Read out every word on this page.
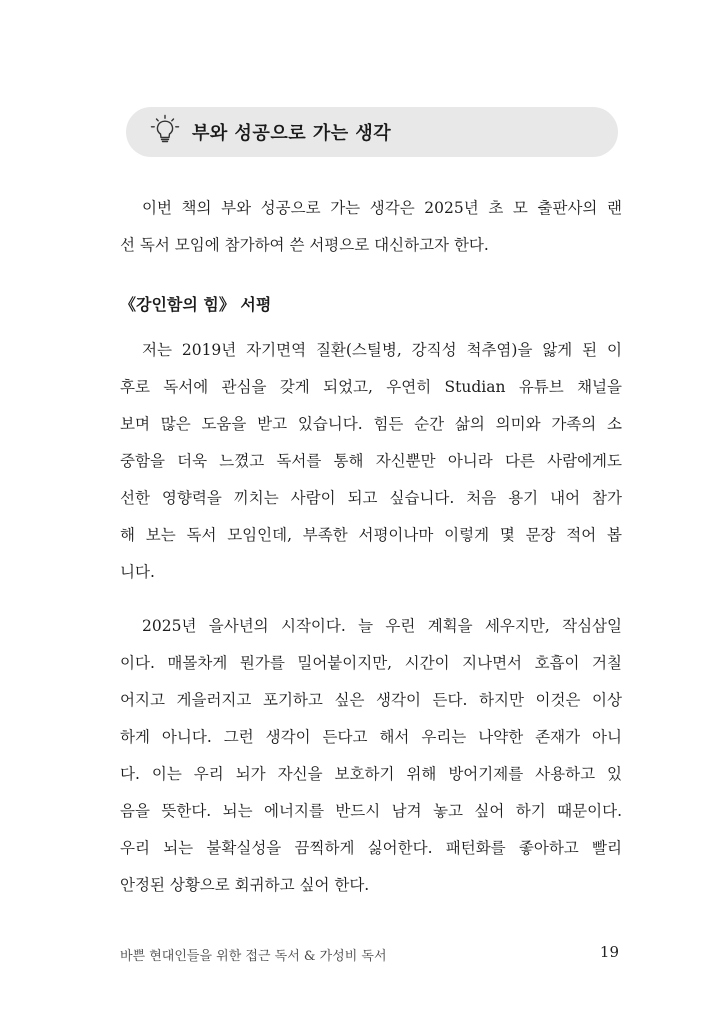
부와 성공으로 가는 생각

이번 책의 부와 성공으로 가는 생각은 2025년 초 모 출판사의 랜
선 독서 모임에 참가하여 쓴 서평으로 대신하고자 한다.

《강인함의 힘》 서평

저는 2019년 자기면역 질환(스틸병, 강직성 척추염)을 앓게 된 이
후로 독서에 관심을 갖게 되었고, 우연히 Studian 유튜브 채널을
보며 많은 도움을 받고 있습니다. 힘든 순간 삶의 의미와 가족의 소
중함을 더욱 느꼈고 독서를 통해 자신뿐만 아니라 다른 사람에게도
선한 영향력을 끼치는 사람이 되고 싶습니다. 처음 용기 내어 참가
해 보는 독서 모임인데, 부족한 서평이나마 이렇게 몇 문장 적어 봅
니다.

2025년 을사년의 시작이다. 늘 우린 계획을 세우지만, 작심삼일
이다. 매몰차게 뭔가를 밀어붙이지만, 시간이 지나면서 호흡이 거칠
어지고 게을러지고 포기하고 싶은 생각이 든다. 하지만 이것은 이상
하게 아니다. 그런 생각이 든다고 해서 우리는 나약한 존재가 아니
다. 이는 우리 뇌가 자신을 보호하기 위해 방어기제를 사용하고 있
음을 뜻한다. 뇌는 에너지를 반드시 남겨 놓고 싶어 하기 때문이다.
우리 뇌는 불확실성을 끔찍하게 싫어한다. 패턴화를 좋아하고 빨리
안정된 상황으로 회귀하고 싶어 한다.

바쁜 현대인들을 위한 접근 독서 & 가성비 독서	19
